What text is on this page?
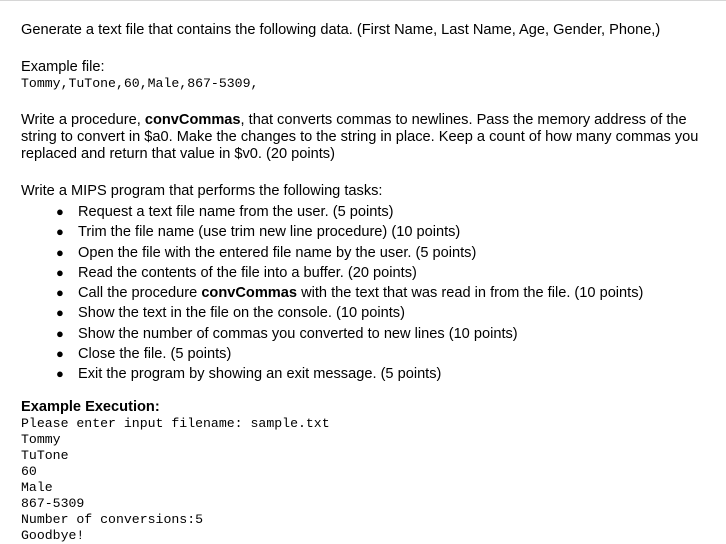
Generate a text file that contains the following data. (First Name, Last Name, Age, Gender, Phone,)

Example file:

Tommy,TuTone,60,Male,867-5309,

Write a procedure, convCommas, that converts commas to newlines. Pass the memory address of the string to convert in $a0. Make the changes to the string in place. Keep a count of how many commas you replaced and return that value in $v0. (20 points)

Write a MIPS program that performs the following tasks:

● Request a text file name from the user. (5 points)
● Trim the file name (use trim new line procedure) (10 points)
● Open the file with the entered file name by the user. (5 points)
● Read the contents of the file into a buffer. (20 points)
● Call the procedure convCommas with the text that was read in from the file. (10 points)
● Show the text in the file on the console. (10 points)
● Show the number of commas you converted to new lines (10 points)
● Close the file. (5 points)
● Exit the program by showing an exit message. (5 points)
Example Execution:
Please enter input filename: sample.txt
Tommy
TuTone
60
Male
867-5309
Number of conversions:5
Goodbye!
